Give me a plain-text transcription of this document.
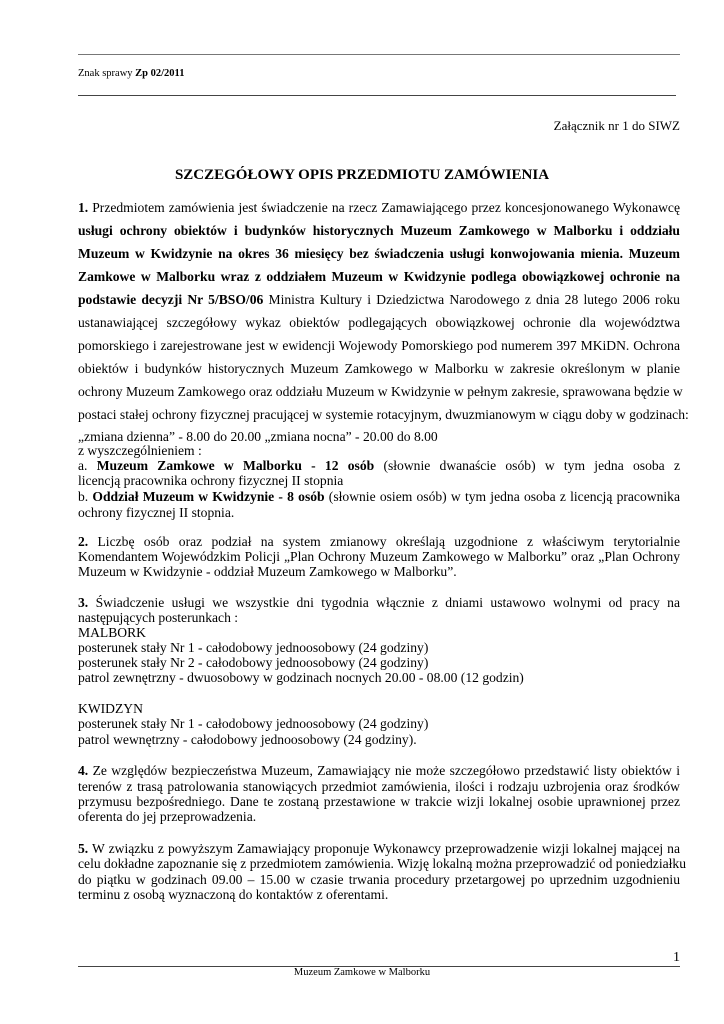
Znak sprawy Zp 02/2011
Załącznik nr 1 do SIWZ
SZCZEGÓŁOWY OPIS PRZEDMIOTU ZAMÓWIENIA
1. Przedmiotem zamówienia jest świadczenie na rzecz Zamawiającego przez koncesjonowanego Wykonawcę
usługi ochrony obiektów i budynków historycznych Muzeum Zamkowego w Malborku i oddziału
Muzeum w Kwidzynie na okres 36 miesięcy bez świadczenia usługi konwojowania mienia. Muzeum
Zamkowe w Malborku wraz z oddziałem Muzeum w Kwidzynie podlega obowiązkowej ochronie na
podstawie decyzji Nr 5/BSO/06 Ministra Kultury i Dziedzictwa Narodowego z dnia 28 lutego 2006 roku
ustanawiającej szczegółowy wykaz obiektów podlegających obowiązkowej ochronie dla województwa
pomorskiego i zarejestrowane jest w ewidencji Wojewody Pomorskiego pod numerem 397 MKiDN. Ochrona
obiektów i budynków historycznych Muzeum Zamkowego w Malborku w zakresie określonym w planie
ochrony Muzeum Zamkowego oraz oddziału Muzeum w Kwidzynie w pełnym zakresie, sprawowana będzie w
postaci stałej ochrony fizycznej pracującej w systemie rotacyjnym, dwuzmianowym w ciągu doby w godzinach:
„zmiana dzienna” - 8.00 do 20.00 „zmiana nocna” - 20.00 do 8.00
z wyszczególnieniem :
a. Muzeum Zamkowe w Malborku - 12 osób (słownie dwanaście osób) w tym jedna osoba z
licencją pracownika ochrony fizycznej II stopnia
b. Oddział Muzeum w Kwidzynie - 8 osób (słownie osiem osób) w tym jedna osoba z licencją pracownika
ochrony fizycznej II stopnia.
2. Liczbę osób oraz podział na system zmianowy określają uzgodnione z właściwym terytorialnie
Komendantem Wojewódzkim Policji „Plan Ochrony Muzeum Zamkowego w Malborku” oraz „Plan Ochrony
Muzeum w Kwidzynie - oddział Muzeum Zamkowego w Malborku”.
3. Świadczenie usługi we wszystkie dni tygodnia włącznie z dniami ustawowo wolnymi od pracy na
następujących posterunkach :
MALBORK
posterunek stały Nr 1 - całodobowy jednoosobowy (24 godziny)
posterunek stały Nr 2 - całodobowy jednoosobowy (24 godziny)
patrol zewnętrzny - dwuosobowy w godzinach nocnych 20.00 - 08.00 (12 godzin)
KWIDZYN
posterunek stały Nr 1 - całodobowy jednoosobowy (24 godziny)
patrol wewnętrzny - całodobowy jednoosobowy (24 godziny).
4. Ze względów bezpieczeństwa Muzeum, Zamawiający nie może szczegółowo przedstawić listy obiektów i
terenów z trasą patrolowania stanowiących przedmiot zamówienia, ilości i rodzaju uzbrojenia oraz środków
przymusu bezpośredniego. Dane te zostaną przestawione w trakcie wizji lokalnej osobie uprawnionej przez
oferenta do jej przeprowadzenia.
5. W związku z powyższym Zamawiający proponuje Wykonawcy przeprowadzenie wizji lokalnej mającej na
celu dokładne zapoznanie się z przedmiotem zamówienia. Wizję lokalną można przeprowadzić od poniedziałku
do piątku w godzinach 09.00 – 15.00 w czasie trwania procedury przetargowej po uprzednim uzgodnieniu
terminu z osobą wyznaczoną do kontaktów z oferentami.
1
Muzeum Zamkowe w Malborku
